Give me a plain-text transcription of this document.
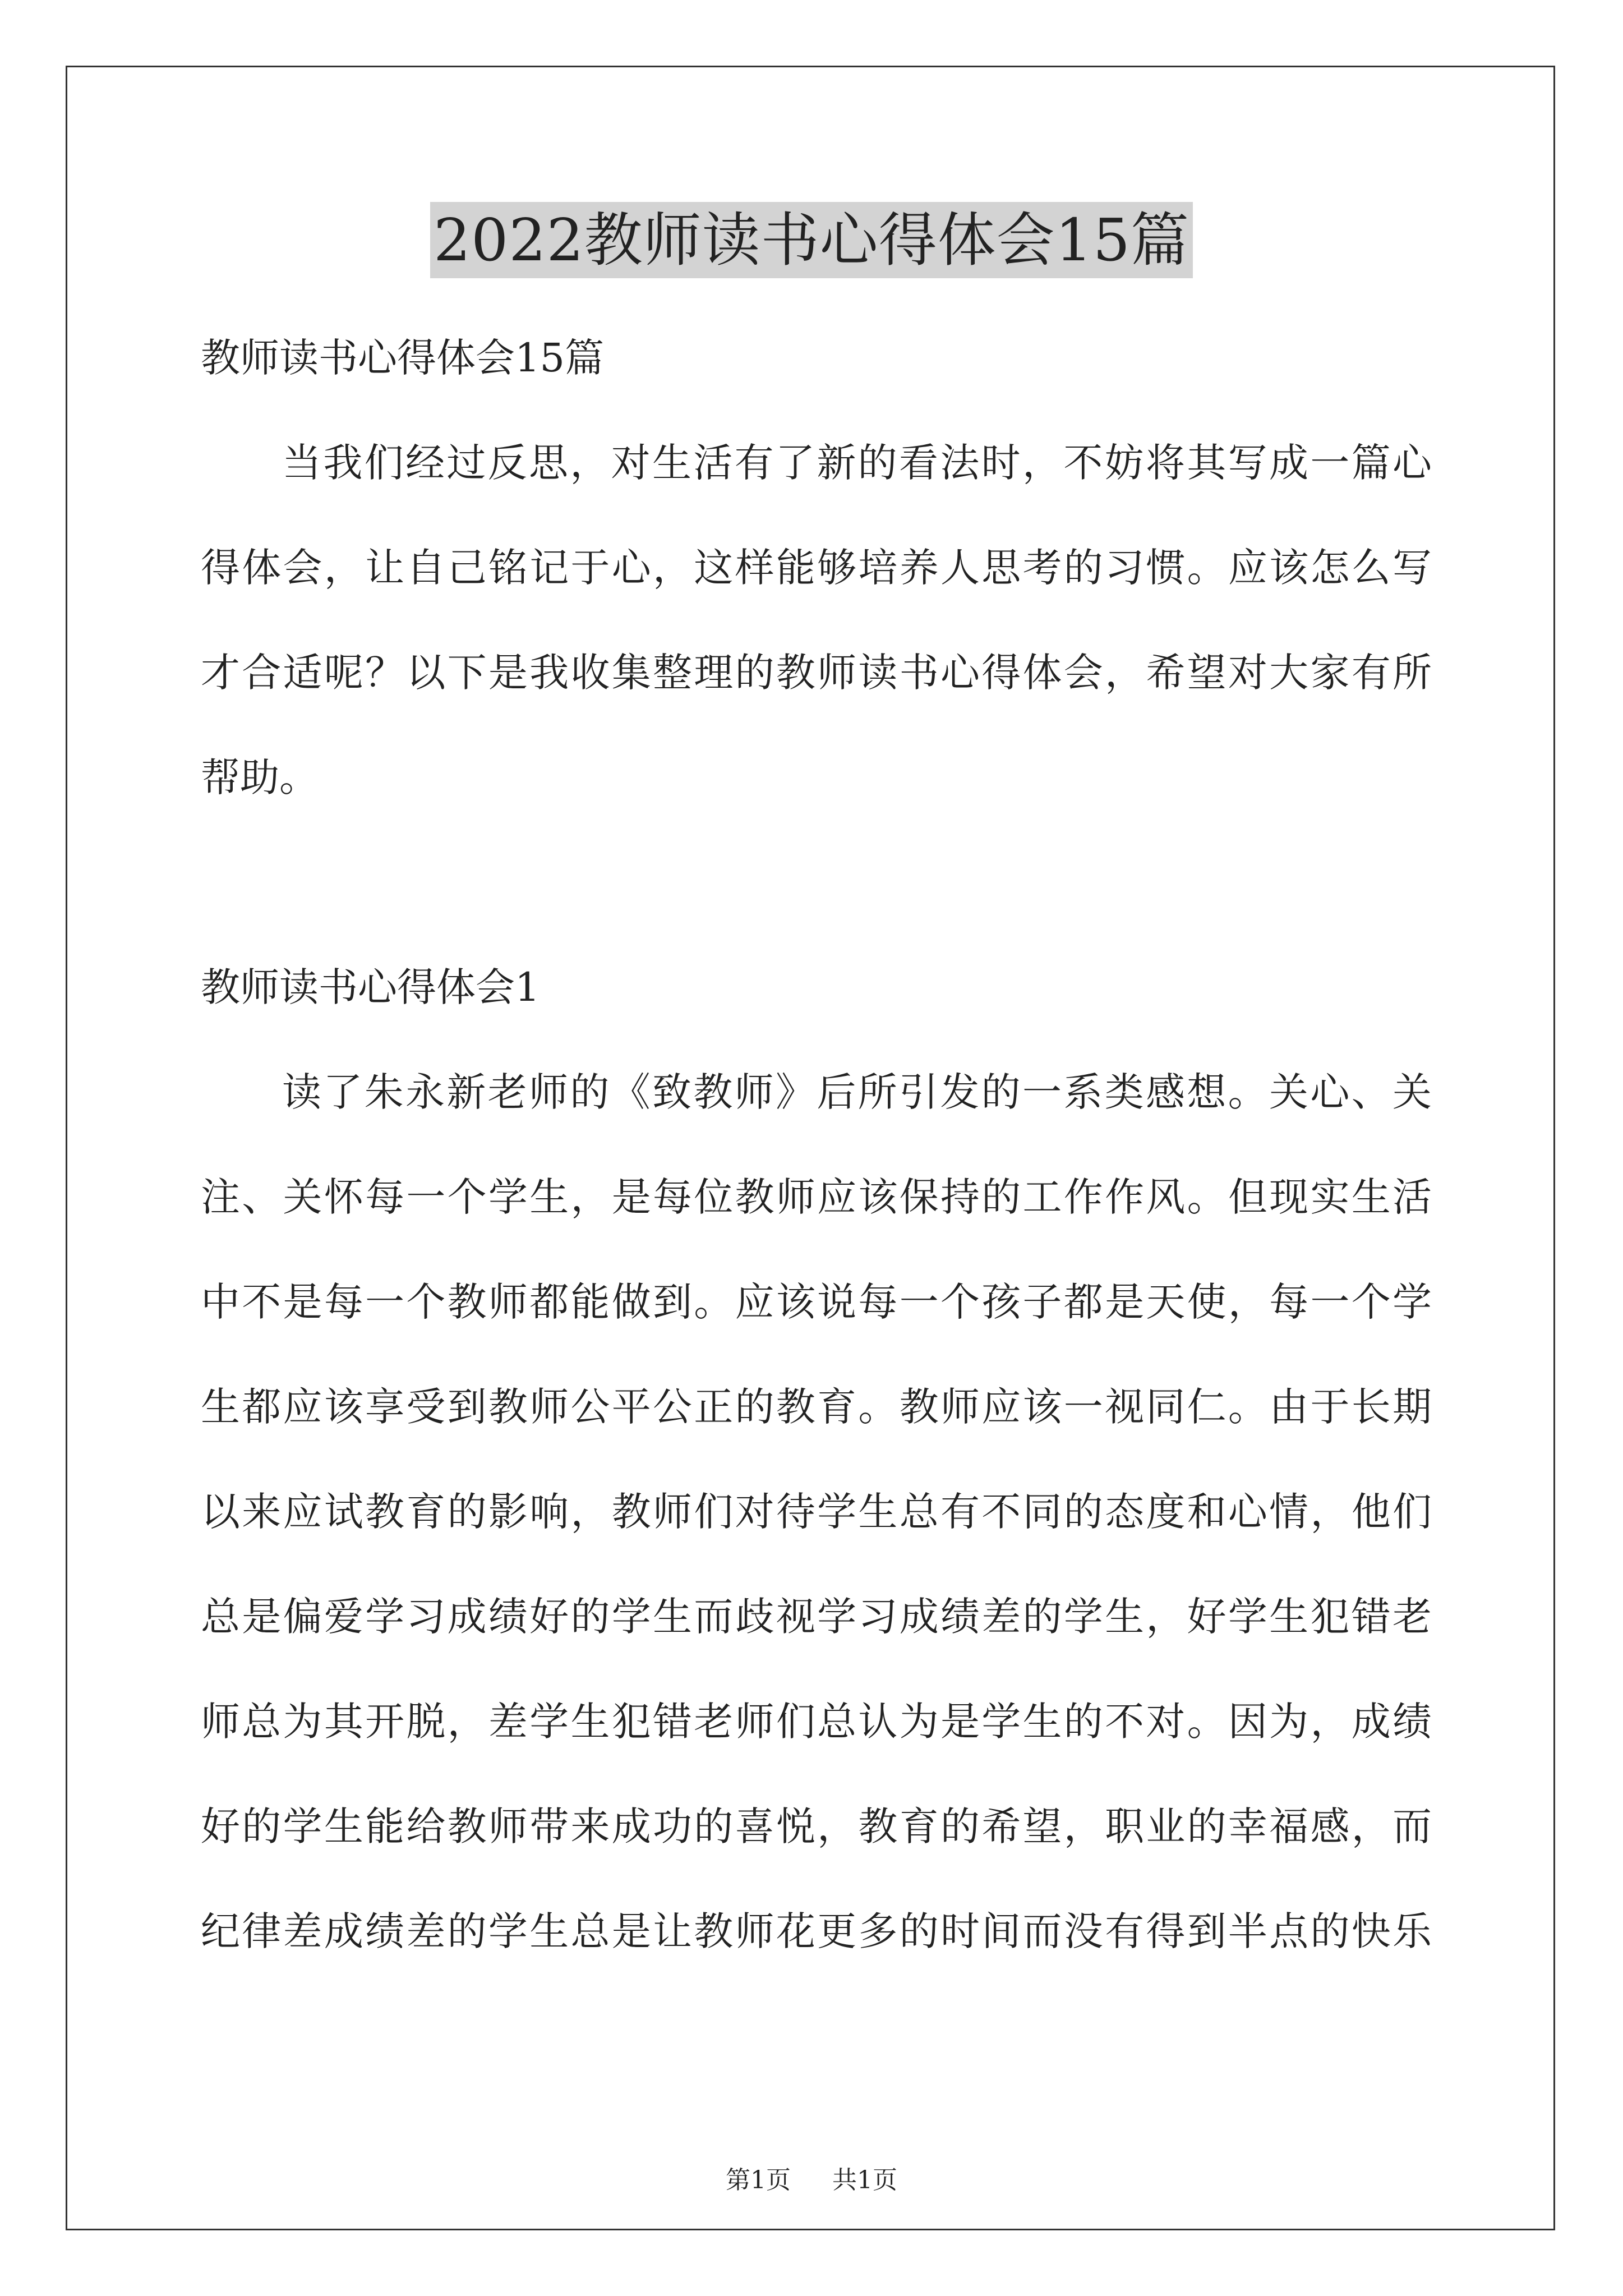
2022教师读书心得体会15篇
教师读书心得体会15篇
当我们经过反思，对生活有了新的看法时，不妨将其写成一篇心
得体会，让自己铭记于心，这样能够培养人思考的习惯。应该怎么写
才合适呢？以下是我收集整理的教师读书心得体会，希望对大家有所
帮助。
教师读书心得体会1
读了朱永新老师的《致教师》后所引发的一系类感想。关心、关
注、关怀每一个学生，是每位教师应该保持的工作作风。但现实生活
中不是每一个教师都能做到。应该说每一个孩子都是天使，每一个学
生都应该享受到教师公平公正的教育。教师应该一视同仁。由于长期
以来应试教育的影响，教师们对待学生总有不同的态度和心情，他们
总是偏爱学习成绩好的学生而歧视学习成绩差的学生，好学生犯错老
师总为其开脱，差学生犯错老师们总认为是学生的不对。因为，成绩
好的学生能给教师带来成功的喜悦，教育的希望，职业的幸福感，而
纪律差成绩差的学生总是让教师花更多的时间而没有得到半点的快乐
第1页 共1页
